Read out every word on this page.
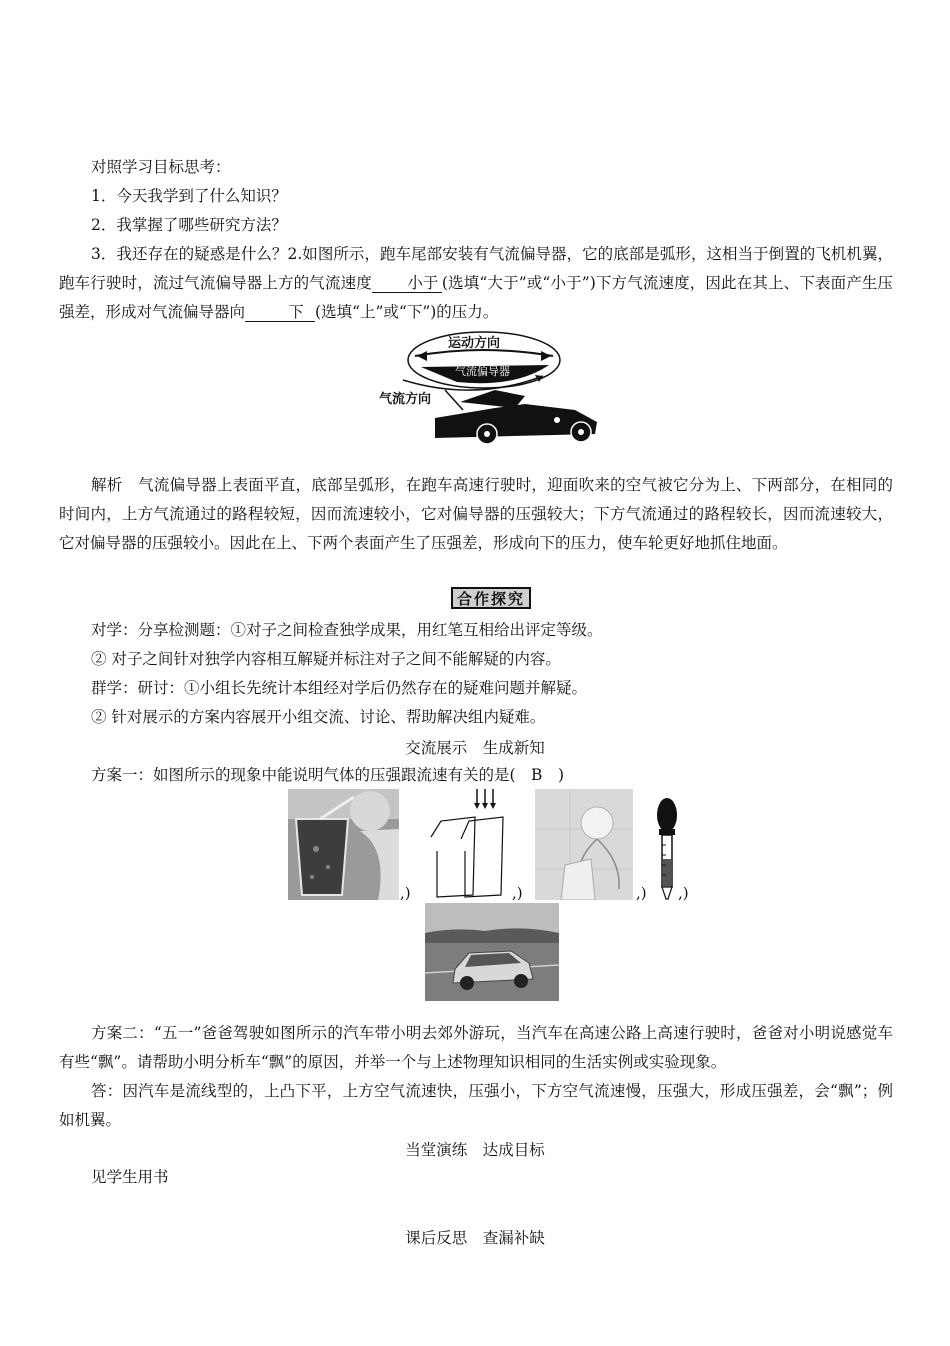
对照学习目标思考：
1．今天我学到了什么知识？
2．我掌握了哪些研究方法？
3．我还存在的疑惑是什么？2.如图所示，跑车尾部安装有气流偏导器，它的底部是弧形，这相当于倒置的飞机机翼，跑车行驶时，流过气流偏导器上方的气流速度 小于 (选填“大于”或“小于”)下方气流速度，因此在其上、下表面产生压强差，形成对气流偏导器向	下 (选填“上”或“下”)的压力。
运动方向
气流偏导器
气流方向
解析　气流偏导器上表面平直，底部呈弧形，在跑车高速行驶时，迎面吹来的空气被它分为上、下两部分，在相同的时间内，上方气流通过的路程较短，因而流速较小，它对偏导器的压强较大；下方气流通过的路程较长，因而流速较大，它对偏导器的压强较小。因此在上、下两个表面产生了压强差，形成向下的压力，使车轮更好地抓住地面。
合作探究
对学：分享检测题：①对子之间检查独学成果，用红笔互相给出评定等级。
② 对子之间针对独学内容相互解疑并标注对子之间不能解疑的内容。
群学：研讨：①小组长先统计本组经对学后仍然存在的疑难问题并解疑。
② 针对展示的方案内容展开小组交流、讨论、帮助解决组内疑难。
交流展示　生成新知
方案一：如图所示的现象中能说明气体的压强跟流速有关的是(　B　)
,)	,)	,) ,)
方案二：“五一”爸爸驾驶如图所示的汽车带小明去郊外游玩，当汽车在高速公路上高速行驶时，爸爸对小明说感觉车有些“飘”。请帮助小明分析车“飘”的原因，并举一个与上述物理知识相同的生活实例或实验现象。
答：因汽车是流线型的，上凸下平，上方空气流速快，压强小，下方空气流速慢，压强大，形成压强差，会“飘”；例如机翼。
当堂演练　达成目标
见学生用书
课后反思　查漏补缺
